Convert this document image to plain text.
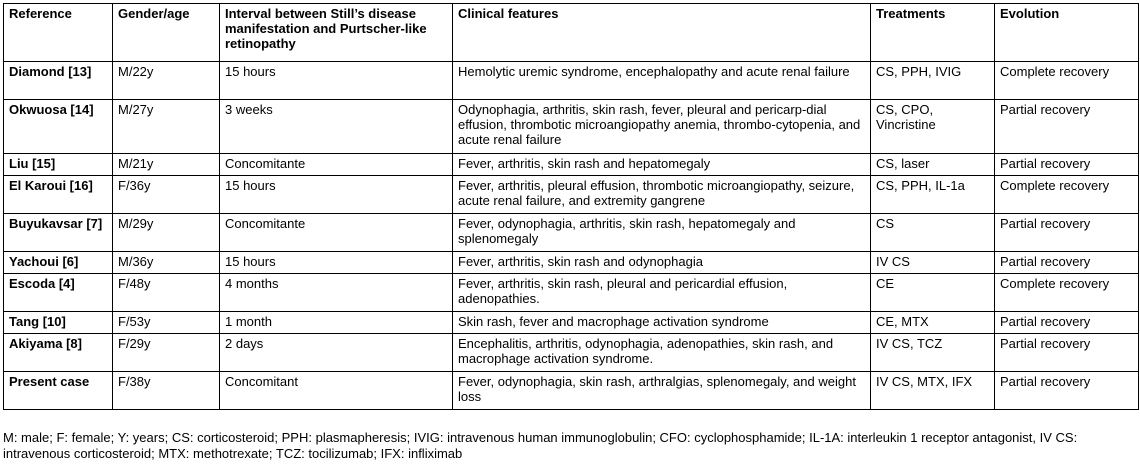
Reference	Gender/age	Interval between Still’s disease manifestation and Purtscher-like retinopathy	Clinical features	Treatments	Evolution
Diamond [13]	M/22y	15 hours	Hemolytic uremic syndrome, encephalopathy and acute renal failure	CS, PPH, IVIG	Complete recovery
Okwuosa [14]	M/27y	3 weeks	Odynophagia, arthritis, skin rash, fever, pleural and pericarp-dial effusion, thrombotic microangiopathy anemia, thrombo-cytopenia, and acute renal failure	CS, CPO, Vincristine	Partial recovery
Liu [15]	M/21y	Concomitante	Fever, arthritis, skin rash and hepatomegaly	CS, laser	Partial recovery
El Karoui [16]	F/36y	15 hours	Fever, arthritis, pleural effusion, thrombotic microangiopathy, seizure, acute renal failure, and extremity gangrene	CS, PPH, IL-1a	Complete recovery
Buyukavsar [7]	M/29y	Concomitante	Fever, odynophagia, arthritis, skin rash, hepatomegaly and splenomegaly	CS	Partial recovery
Yachoui [6]	M/36y	15 hours	Fever, arthritis, skin rash and odynophagia	IV CS	Partial recovery
Escoda [4]	F/48y	4 months	Fever, arthritis, skin rash, pleural and pericardial effusion, adenopathies.	CE	Complete recovery
Tang [10]	F/53y	1 month	Skin rash, fever and macrophage activation syndrome	CE, MTX	Partial recovery
Akiyama [8]	F/29y	2 days	Encephalitis, arthritis, odynophagia, adenopathies, skin rash, and macrophage activation syndrome.	IV CS, TCZ	Partial recovery
Present case	F/38y	Concomitant	Fever, odynophagia, skin rash, arthralgias, splenomegaly, and weight loss	IV CS, MTX, IFX	Partial recovery
M: male; F: female; Y: years; CS: corticosteroid; PPH: plasmapheresis; IVIG: intravenous human immunoglobulin; CFO: cyclophosphamide; IL-1A: interleukin 1 receptor antagonist, IV CS: intravenous corticosteroid; MTX: methotrexate; TCZ: tocilizumab; IFX: infliximab
